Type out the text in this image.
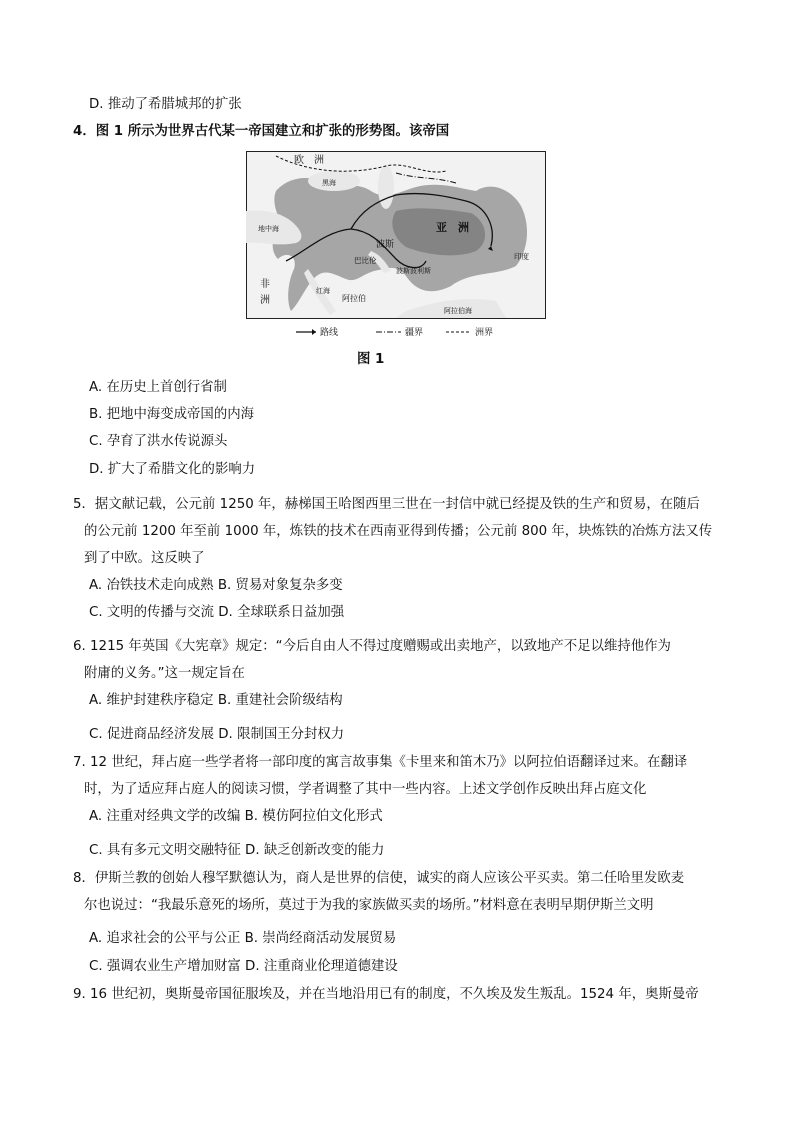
D. 推动了希腊城邦的扩张
4．图 1 所示为世界古代某一帝国建立和扩张的形势图。该帝国
欧　洲
亚　洲
非
洲
黑海
地中海
巴比伦
波斯波利斯
波斯
阿拉伯
印度
红海
阿拉伯海
路线	疆界	洲界
图 1
A. 在历史上首创行省制
B. 把地中海变成帝国的内海
C. 孕育了洪水传说源头
D. 扩大了希腊文化的影响力
5．据文献记载，公元前 1250 年，赫梯国王哈图西里三世在一封信中就已经提及铁的生产和贸易，在随后
的公元前 1200 年至前 1000 年，炼铁的技术在西南亚得到传播；公元前 800 年，块炼铁的冶炼方法又传
到了中欧。这反映了
A. 冶铁技术走向成熟 B. 贸易对象复杂多变
C. 文明的传播与交流 D. 全球联系日益加强
6. 1215 年英国《大宪章》规定：“今后自由人不得过度赠赐或出卖地产，以致地产不足以维持他作为
附庸的义务。”这一规定旨在
A. 维护封建秩序稳定 B. 重建社会阶级结构
C. 促进商品经济发展 D. 限制国王分封权力
7. 12 世纪，拜占庭一些学者将一部印度的寓言故事集《卡里来和笛木乃》以阿拉伯语翻译过来。在翻译
时，为了适应拜占庭人的阅读习惯，学者调整了其中一些内容。上述文学创作反映出拜占庭文化
A. 注重对经典文学的改编 B. 模仿阿拉伯文化形式
C. 具有多元文明交融特征 D. 缺乏创新改变的能力
8．伊斯兰教的创始人穆罕默德认为，商人是世界的信使，诚实的商人应该公平买卖。第二任哈里发欧麦
尔也说过：“我最乐意死的场所，莫过于为我的家族做买卖的场所。”材料意在表明早期伊斯兰文明
A. 追求社会的公平与公正 B. 崇尚经商活动发展贸易
C. 强调农业生产增加财富 D. 注重商业伦理道德建设
9. 16 世纪初，奥斯曼帝国征服埃及，并在当地沿用已有的制度，不久埃及发生叛乱。1524 年，奥斯曼帝
